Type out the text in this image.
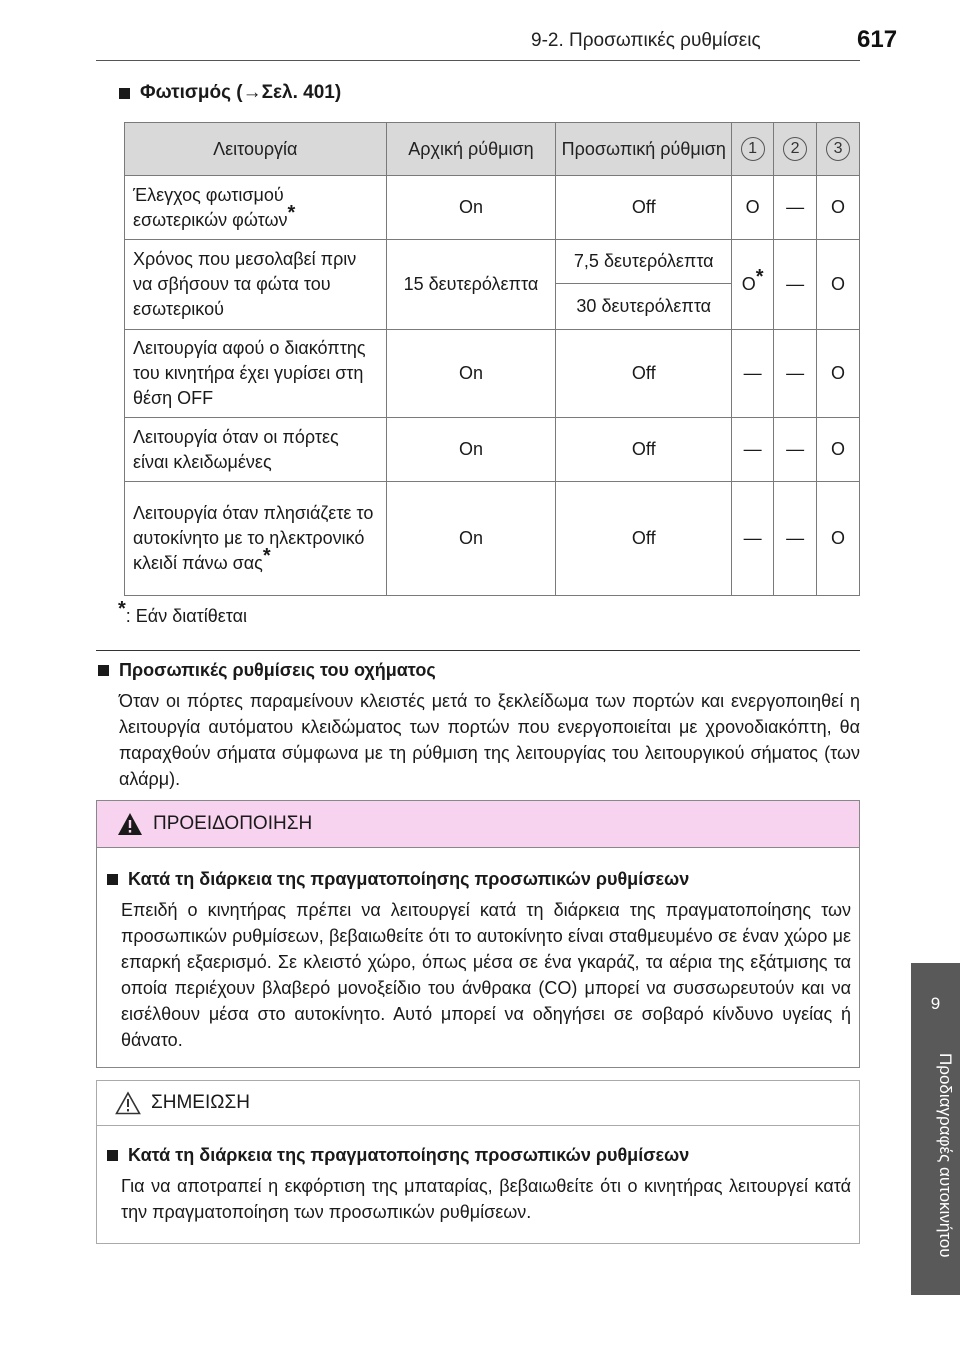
9-2. Προσωπικές ρυθμίσεις	617
9
Προδιαγραφές αυτοκινήτου
Φωτισμός (→Σελ. 401)
Λειτουργία	Αρχική ρύθμιση	Προσωπική ρύθμιση	1	2	3
Έλεγχος φωτισμού εσωτερικών φώτων*	On	Off	O	—	O
Χρόνος που μεσολαβεί πριν να σβήσουν τα φώτα του εσωτερικού	15 δευτερόλεπτα	7,5 δευτερόλεπτα	O*	—	O
		30 δευτερόλεπτα			
Λειτουργία αφού ο διακόπτης του κινητήρα έχει γυρίσει στη θέση OFF	On	Off	—	—	O
Λειτουργία όταν οι πόρτες είναι κλειδωμένες	On	Off	—	—	O
Λειτουργία όταν πλησιάζετε το αυτοκίνητο με το ηλεκτρονικό κλειδί πάνω σας*	On	Off	—	—	O
*: Εάν διατίθεται
Προσωπικές ρυθμίσεις του οχήματος
Όταν οι πόρτες παραμείνουν κλειστές μετά το ξεκλείδωμα των πορτών και ενεργοποιηθεί η λειτουργία αυτόματου κλειδώματος των πορτών που ενεργοποιείται με χρονοδιακόπτη, θα παραχθούν σήματα σύμφωνα με τη ρύθμιση της λειτουργίας του λειτουργικού σήματος (των αλάρμ).
ΠΡΟΕΙΔΟΠΟΙΗΣΗ
Κατά τη διάρκεια της πραγματοποίησης προσωπικών ρυθμίσεων
Επειδή ο κινητήρας πρέπει να λειτουργεί κατά τη διάρκεια της πραγματοποίησης των προσωπικών ρυθμίσεων, βεβαιωθείτε ότι το αυτοκίνητο είναι σταθμευμένο σε έναν χώρο με επαρκή εξαερισμό. Σε κλειστό χώρο, όπως μέσα σε ένα γκαράζ, τα αέρια της εξάτμισης τα οποία περιέχουν βλαβερό μονοξείδιο του άνθρακα (CO) μπορεί να συσσωρευτούν και να εισέλθουν μέσα στο αυτοκίνητο. Αυτό μπορεί να οδηγήσει σε σοβαρό κίνδυνο υγείας ή θάνατο.
ΣΗΜΕΙΩΣΗ
Κατά τη διάρκεια της πραγματοποίησης προσωπικών ρυθμίσεων
Για να αποτραπεί η εκφόρτιση της μπαταρίας, βεβαιωθείτε ότι ο κινητήρας λειτουργεί κατά την πραγματοποίηση των προσωπικών ρυθμίσεων.
